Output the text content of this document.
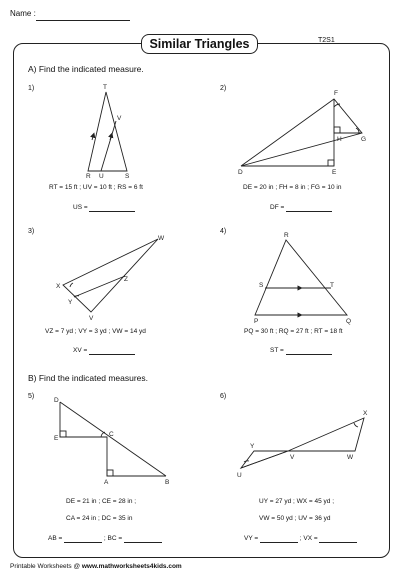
Name :
Similar Triangles	T2S1
A) Find the indicated measure.
B) Find the indicated measures.
1)	2)
3)	4)
5)	6)
T
V
R U	S
F
H	G
D	E
W
X
Z
Y
V
R
S	T
P	Q
D
E
C
A	B
X
Y
V	W
U
RT = 15 ft ; UV = 10 ft ; RS = 6 ft
US =
DE = 20 in ; FH = 8 in ; FG = 10 in
DF =
VZ = 7 yd ; VY = 3 yd ; VW = 14 yd
XV =
PQ = 30 ft ; RQ = 27 ft ; RT = 18 ft
ST =
DE = 21 in ; CE = 28 in ;
CA = 24 in ; DC = 35 in
AB =	; BC =
UY = 27 yd ; WX = 45 yd ;
VW = 50 yd ; UV = 36 yd
VY =	; VX =
Printable Worksheets @ www.mathworksheets4kids.com
